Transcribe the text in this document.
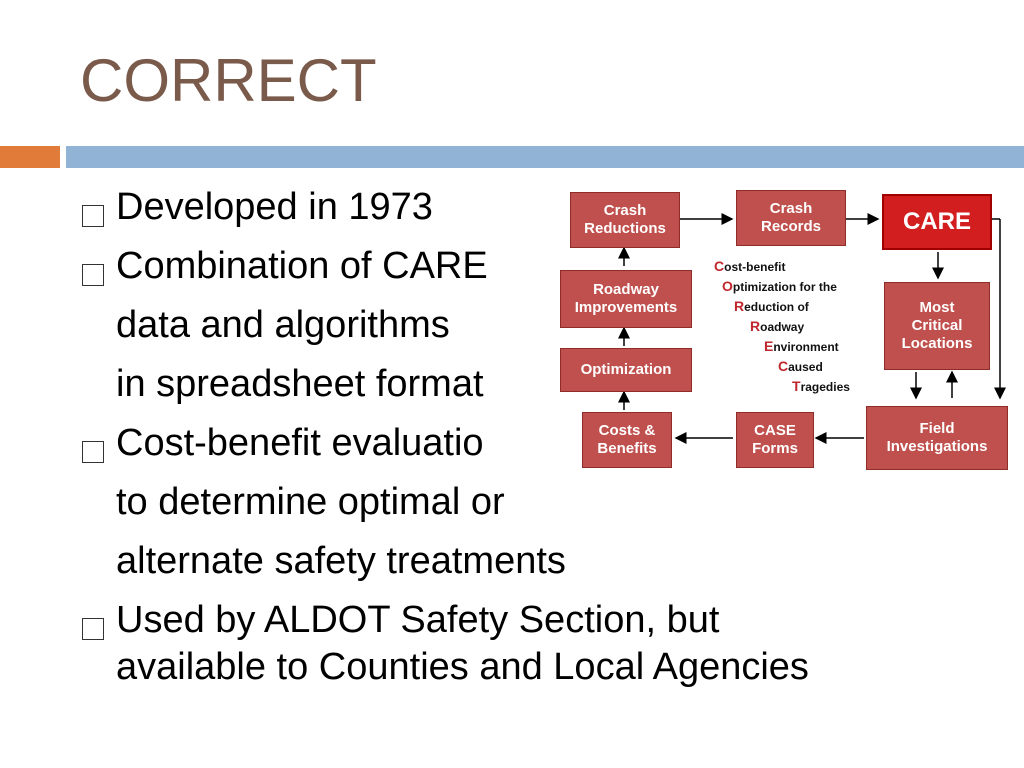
CORRECT
Developed in 1973
Combination of CARE
data and algorithms
in spreadsheet format
Cost-benefit evaluatio
to determine optimal or
alternate safety treatments
Used by ALDOT Safety Section, but
available to Counties and Local Agencies
Crash
Reductions
Crash
Records	CARE
Roadway
Improvements	Most
Critical
Locations
Optimization
Costs &
Benefits
CASE
Forms
Field
Investigations
Cost-benefit
Optimization for the
Reduction of
Roadway
Environment
Caused
Tragedies
